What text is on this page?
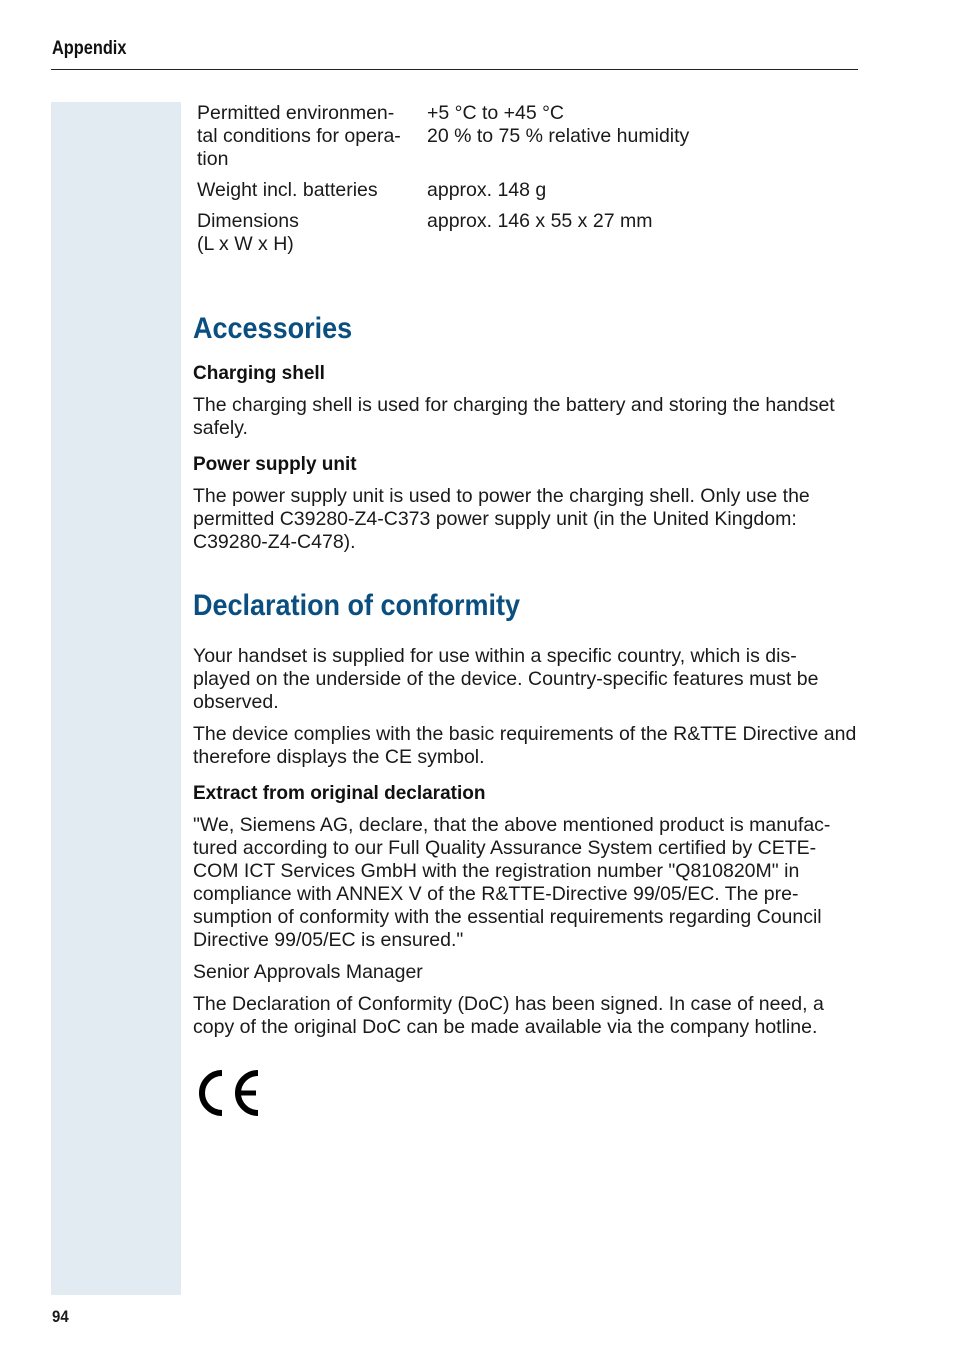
Appendix
Permitted environmen-
tal conditions for opera-
tion	+5 °C to +45 °C
20 % to 75 % relative humidity
Weight incl. batteries	approx. 148 g
Dimensions
(L x W x H)	approx. 146 x 55 x 27 mm
Accessories
Charging shell

The charging shell is used for charging the battery and storing the handset safely.

Power supply unit

The power supply unit is used to power the charging shell. Only use the permitted C39280-Z4-C373 power supply unit (in the United Kingdom: C39280-Z4-C478).

Declaration of conformity

Your handset is supplied for use within a specific country, which is dis-
played on the underside of the device. Country-specific features must be observed.

The device complies with the basic requirements of the R&TTE Directive and therefore displays the CE symbol.

Extract from original declaration

"We, Siemens AG, declare, that the above mentioned product is manufac-
tured according to our Full Quality Assurance System certified by CETE-
COM ICT Services GmbH with the registration number "Q810820M" in compliance with ANNEX V of the R&TTE-Directive 99/05/EC. The pre-
sumption of conformity with the essential requirements regarding Council Directive 99/05/EC is ensured."

Senior Approvals Manager

The Declaration of Conformity (DoC) has been signed. In case of need, a copy of the original DoC can be made available via the company hotline.

94
